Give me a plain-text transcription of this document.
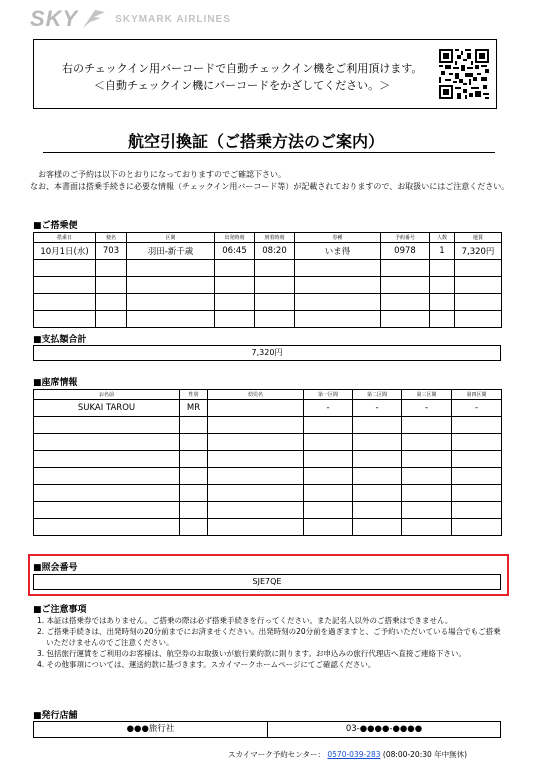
SKY	SKYMARK AIRLINES
右のチェックイン用バーコードで自動チェックイン機をご利用頂けます。
＜自動チェックイン機にバーコードをかざしてください。＞
航空引換証（ご搭乗方法のご案内）

お客様のご予約は以下のとおりになっておりますのでご確認下さい。

なお、本書面は搭乗手続きに必要な情報（チェックイン用バーコード等）が記載されておりますので、お取扱いにはご注意ください。

■ご搭乗便
搭乗日	便名	区間	出発時刻	到着時刻	券種	予約番号	人数	運賃
10月1日(水)	703	羽田-新千歳	06:45	08:20	いま得	0978	1	7,320円

■支払額合計
7,320円
■座席情報
お名前	性別	幼児名	第一区間	第二区間	第三区間	第四区間
SUKAI TAROU	MR		-	-	-	-

■照会番号
SJE7QE
■ご注意事項
1. 本証は搭乗券ではありません。ご搭乗の際は必ず搭乗手続きを行ってください。また記名人以外のご搭乗はできません。
2. ご搭乗手続きは、出発時刻の20分前までにお済ませください。出発時刻の20分前を過ぎますと、ご予約いただいている場合でもご搭乗いただけませんのでご注意ください。
3. 包括旅行運賃をご利用のお客様は、航空券のお取扱いが旅行業約款に則ります。お申込みの旅行代理店へ直接ご連絡下さい。
4. その他事項については、運送約款に基づきます。スカイマークホームページにてご確認ください。
■発行店舗
●●●旅行社	03-●●●●-●●●●
スカイマーク予約センター： 0570-039-283 (08:00-20:30 年中無休)
